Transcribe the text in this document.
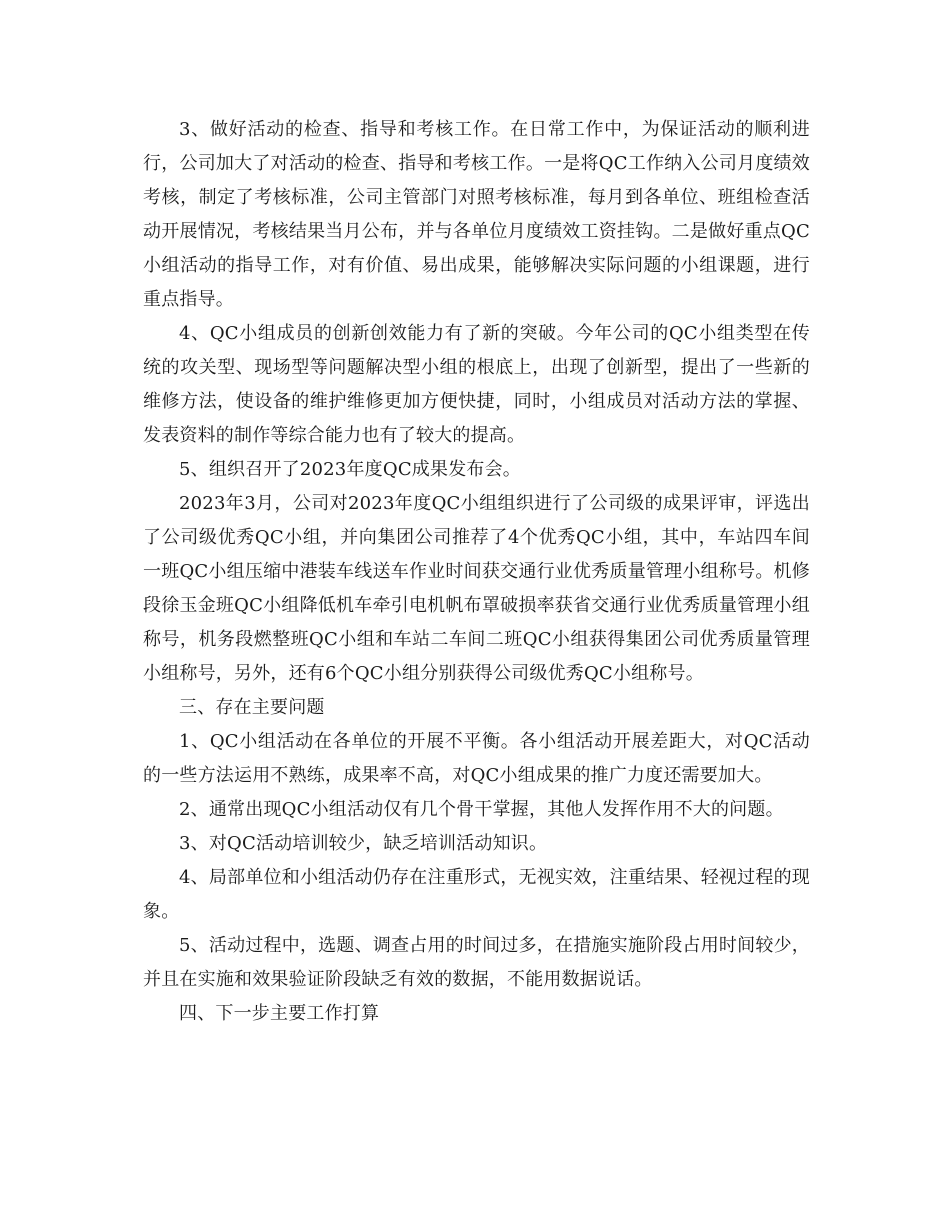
3、做好活动的检查、指导和考核工作。在日常工作中，为保证活动的顺利进行，公司加大了对活动的检查、指导和考核工作。一是将QC工作纳入公司月度绩效考核，制定了考核标准，公司主管部门对照考核标准，每月到各单位、班组检查活动开展情况，考核结果当月公布，并与各单位月度绩效工资挂钩。二是做好重点QC小组活动的指导工作，对有价值、易出成果，能够解决实际问题的小组课题，进行重点指导。

4、QC小组成员的创新创效能力有了新的突破。今年公司的QC小组类型在传统的攻关型、现场型等问题解决型小组的根底上，出现了创新型，提出了一些新的维修方法，使设备的维护维修更加方便快捷，同时，小组成员对活动方法的掌握、发表资料的制作等综合能力也有了较大的提高。

5、组织召开了2023年度QC成果发布会。

2023年3月，公司对2023年度QC小组组织进行了公司级的成果评审，评选出了公司级优秀QC小组，并向集团公司推荐了4个优秀QC小组，其中，车站四车间一班QC小组压缩中港装车线送车作业时间获交通行业优秀质量管理小组称号。机修段徐玉金班QC小组降低机车牵引电机帆布罩破损率获省交通行业优秀质量管理小组称号，机务段燃整班QC小组和车站二车间二班QC小组获得集团公司优秀质量管理小组称号，另外，还有6个QC小组分别获得公司级优秀QC小组称号。

三、存在主要问题

1、QC小组活动在各单位的开展不平衡。各小组活动开展差距大，对QC活动的一些方法运用不熟练，成果率不高，对QC小组成果的推广力度还需要加大。

2、通常出现QC小组活动仅有几个骨干掌握，其他人发挥作用不大的问题。

3、对QC活动培训较少，缺乏培训活动知识。

4、局部单位和小组活动仍存在注重形式，无视实效，注重结果、轻视过程的现象。

5、活动过程中，选题、调查占用的时间过多，在措施实施阶段占用时间较少，并且在实施和效果验证阶段缺乏有效的数据，不能用数据说话。

四、下一步主要工作打算
